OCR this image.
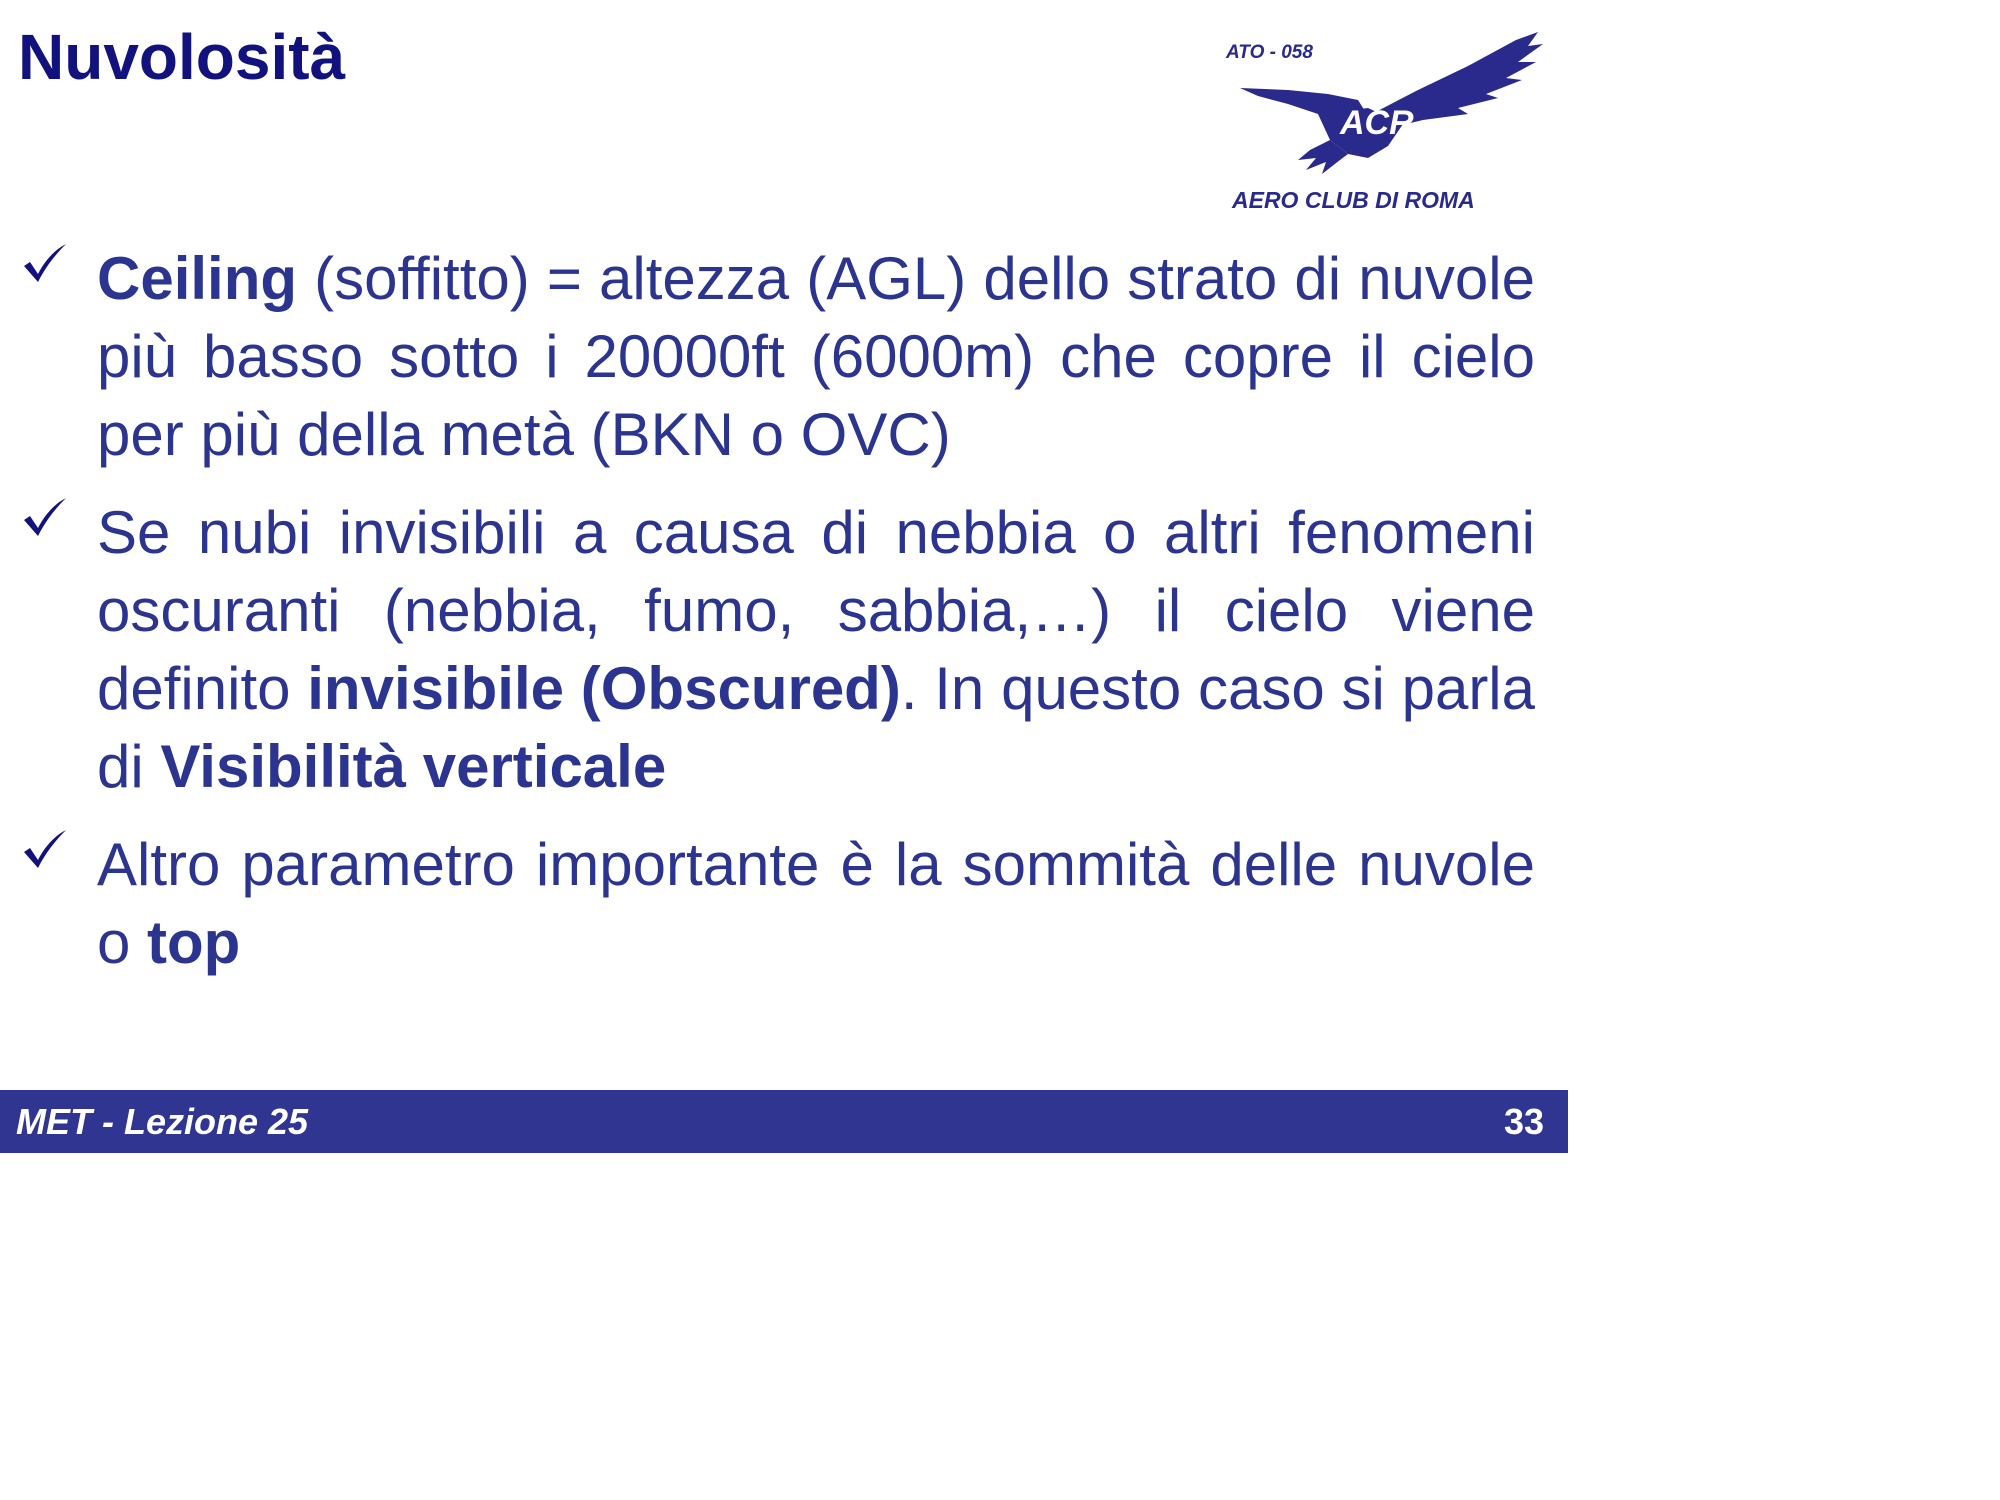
Nuvolosità	ATO - 058
ACR
AERO CLUB DI ROMA
Ceiling (soffitto) = altezza (AGL) dello strato di nuvole più basso sotto i 20000ft (6000m) che copre il cielo per più della metà (BKN o OVC)
Se nubi invisibili a causa di nebbia o altri fenomeni oscuranti (nebbia, fumo, sabbia,…) il cielo viene definito invisibile (Obscured). In questo caso si parla di Visibilità verticale
Altro parametro importante è la sommità delle nuvole o top
MET - Lezione 25	33
